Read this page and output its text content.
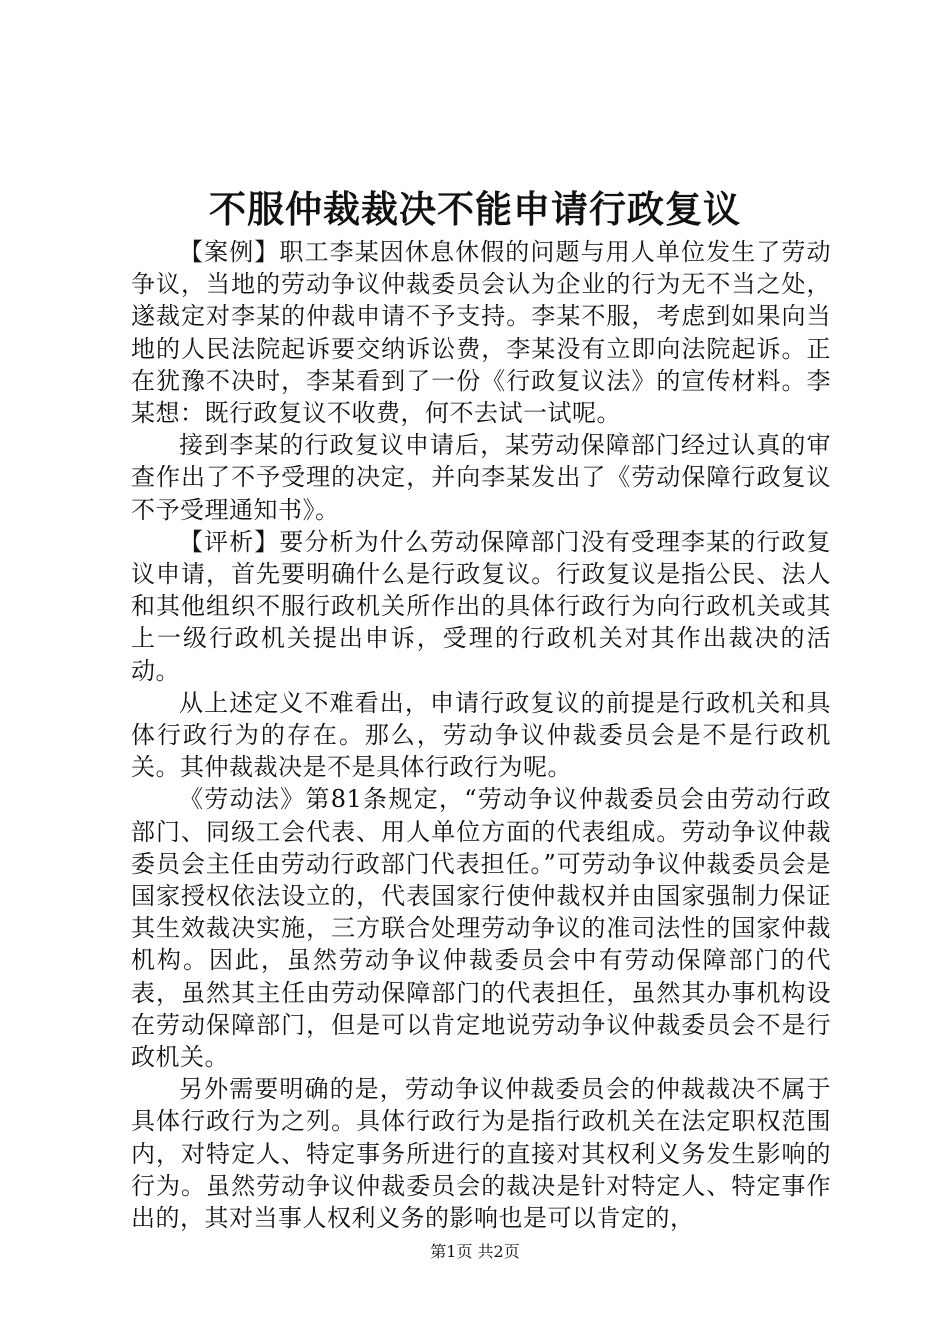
不服仲裁裁决不能申请行政复议

【案例】职工李某因休息休假的问题与用人单位发生了劳动争议，当地的劳动争议仲裁委员会认为企业的行为无不当之处，遂裁定对李某的仲裁申请不予支持。李某不服，考虑到如果向当地的人民法院起诉要交纳诉讼费，李某没有立即向法院起诉。正在犹豫不决时，李某看到了一份《行政复议法》的宣传材料。李某想：既行政复议不收费，何不去试一试呢。

接到李某的行政复议申请后，某劳动保障部门经过认真的审查作出了不予受理的决定，并向李某发出了《劳动保障行政复议不予受理通知书》。

【评析】要分析为什么劳动保障部门没有受理李某的行政复议申请，首先要明确什么是行政复议。行政复议是指公民、法人和其他组织不服行政机关所作出的具体行政行为向行政机关或其上一级行政机关提出申诉，受理的行政机关对其作出裁决的活动。

从上述定义不难看出，申请行政复议的前提是行政机关和具体行政行为的存在。那么，劳动争议仲裁委员会是不是行政机关。其仲裁裁决是不是具体行政行为呢。

《劳动法》第81条规定，“劳动争议仲裁委员会由劳动行政部门、同级工会代表、用人单位方面的代表组成。劳动争议仲裁委员会主任由劳动行政部门代表担任。”可劳动争议仲裁委员会是国家授权依法设立的，代表国家行使仲裁权并由国家强制力保证其生效裁决实施，三方联合处理劳动争议的准司法性的国家仲裁机构。因此，虽然劳动争议仲裁委员会中有劳动保障部门的代表，虽然其主任由劳动保障部门的代表担任，虽然其办事机构设在劳动保障部门，但是可以肯定地说劳动争议仲裁委员会不是行政机关。

另外需要明确的是，劳动争议仲裁委员会的仲裁裁决不属于具体行政行为之列。具体行政行为是指行政机关在法定职权范围内，对特定人、特定事务所进行的直接对其权利义务发生影响的行为。虽然劳动争议仲裁委员会的裁决是针对特定人、特定事作出的，其对当事人权利义务的影响也是可以肯定的，

第1页 共2页
